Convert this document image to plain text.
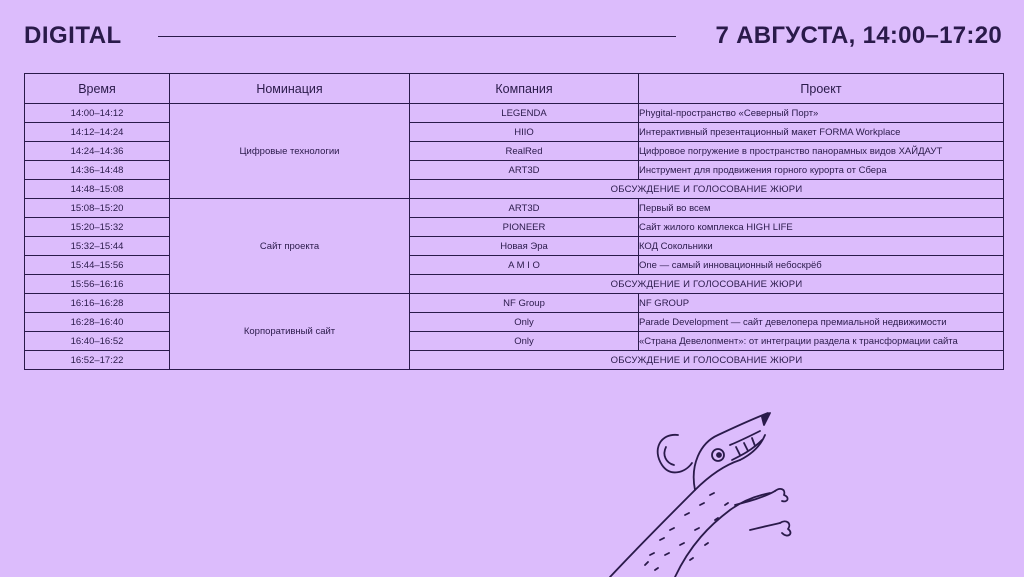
DIGITAL	7 АВГУСТА, 14:00–17:20
Время	Номинация	Компания	Проект
14:00–14:12	Цифровые технологии	LEGENDA	Phygital-пространство «Северный Порт»
14:12–14:24		HIIO	Интерактивный презентационный макет FORMA Workplace
14:24–14:36		RealRed	Цифровое погружение в пространство панорамных видов ХАЙДАУТ
14:36–14:48		ART3D	Инструмент для продвижения горного курорта от Сбера
14:48–15:08		ОБСУЖДЕНИЕ И ГОЛОСОВАНИЕ ЖЮРИ	
15:08–15:20	Сайт проекта	ART3D	Первый во всем
15:20–15:32		PIONEER	Сайт жилого комплекса HIGH LIFE
15:32–15:44		Новая Эра	КОД Сокольники
15:44–15:56		A M I O	One — самый инновационный небоскрёб
15:56–16:16		ОБСУЖДЕНИЕ И ГОЛОСОВАНИЕ ЖЮРИ	
16:16–16:28	Корпоративный сайт	NF Group	NF GROUP
16:28–16:40		Only	Parade Development — сайт девелопера премиальной недвижимости
16:40–16:52		Only	«Страна Девелопмент»: от интеграции раздела к трансформации сайта
16:52–17:22		ОБСУЖДЕНИЕ И ГОЛОСОВАНИЕ ЖЮРИ	
